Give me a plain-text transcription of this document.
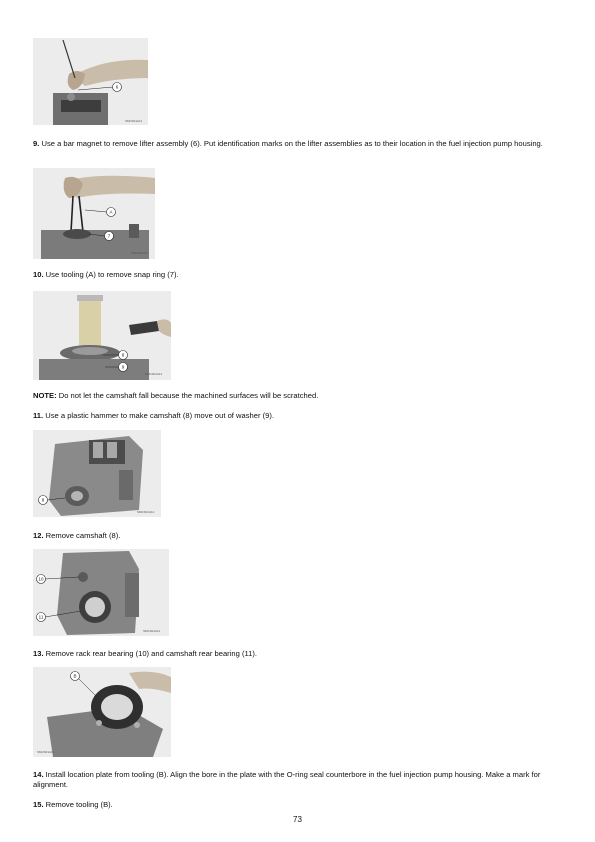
6
SMCS01A11

9. Use a bar magnet to remove lifter assembly (6). Put identification marks on the lifter assemblies as to their location in the fuel injection pump housing.

A
7
SMCS01A11

10. Use tooling (A) to remove snap ring (7).

8
9
SMCS01A11

NOTE: Do not let the camshaft fall because the machined surfaces will be scratched.

11. Use a plastic hammer to make camshaft (8) move out of washer (9).

8
SMCS01A11

12. Remove camshaft (8).

10
11
SMCS01A11

13. Remove rack rear bearing (10) and camshaft rear bearing (11).

B
SMCS01A11

14. Install location plate from tooling (B). Align the bore in the plate with the O-ring seal counterbore in the fuel injection pump housing. Make a mark for alignment.

15. Remove tooling (B).

73
